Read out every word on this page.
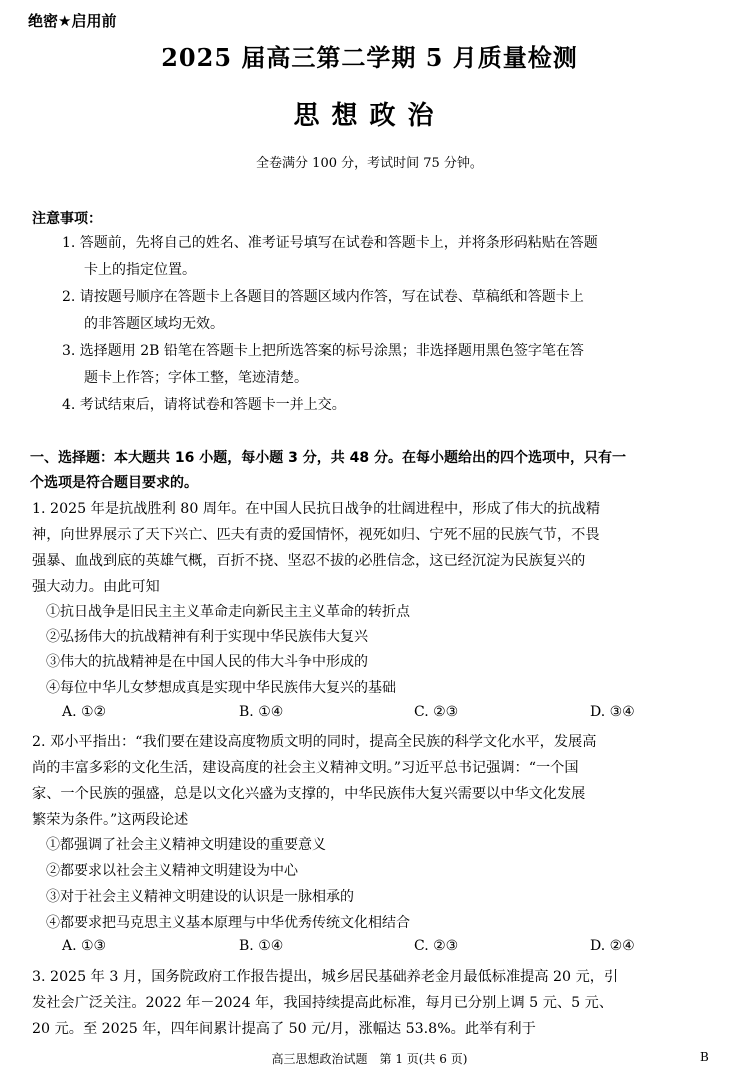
绝密★启用前
2025 届高三第二学期 5 月质量检测
思想政治
全卷满分 100 分，考试时间 75 分钟。
注意事项：
1. 答题前，先将自己的姓名、准考证号填写在试卷和答题卡上，并将条形码粘贴在答题
卡上的指定位置。
2. 请按题号顺序在答题卡上各题目的答题区域内作答，写在试卷、草稿纸和答题卡上
的非答题区域均无效。
3. 选择题用 2B 铅笔在答题卡上把所选答案的标号涂黑；非选择题用黑色签字笔在答
题卡上作答；字体工整，笔迹清楚。
4. 考试结束后，请将试卷和答题卡一并上交。
一、选择题：本大题共 16 小题，每小题 3 分，共 48 分。在每小题给出的四个选项中，只有一
个选项是符合题目要求的。
1. 2025 年是抗战胜利 80 周年。在中国人民抗日战争的壮阔进程中，形成了伟大的抗战精
神，向世界展示了天下兴亡、匹夫有责的爱国情怀，视死如归、宁死不屈的民族气节，不畏
强暴、血战到底的英雄气概，百折不挠、坚忍不拔的必胜信念，这已经沉淀为民族复兴的
强大动力。由此可知
①抗日战争是旧民主主义革命走向新民主主义革命的转折点
②弘扬伟大的抗战精神有利于实现中华民族伟大复兴
③伟大的抗战精神是在中国人民的伟大斗争中形成的
④每位中华儿女梦想成真是实现中华民族伟大复兴的基础
A. ①②	B. ①④	C. ②③	D. ③④
2. 邓小平指出：“我们要在建设高度物质文明的同时，提高全民族的科学文化水平，发展高
尚的丰富多彩的文化生活，建设高度的社会主义精神文明。”习近平总书记强调：“一个国
家、一个民族的强盛，总是以文化兴盛为支撑的，中华民族伟大复兴需要以中华文化发展
繁荣为条件。”这两段论述
①都强调了社会主义精神文明建设的重要意义
②都要求以社会主义精神文明建设为中心
③对于社会主义精神文明建设的认识是一脉相承的
④都要求把马克思主义基本原理与中华优秀传统文化相结合
A. ①③	B. ①④	C. ②③	D. ②④
3. 2025 年 3 月，国务院政府工作报告提出，城乡居民基础养老金月最低标准提高 20 元，引
发社会广泛关注。2022 年－2024 年，我国持续提高此标准，每月已分别上调 5 元、5 元、
20 元。至 2025 年，四年间累计提高了 50 元/月，涨幅达 53.8%。此举有利于
高三思想政治试题　第 1 页(共 6 页)	B
